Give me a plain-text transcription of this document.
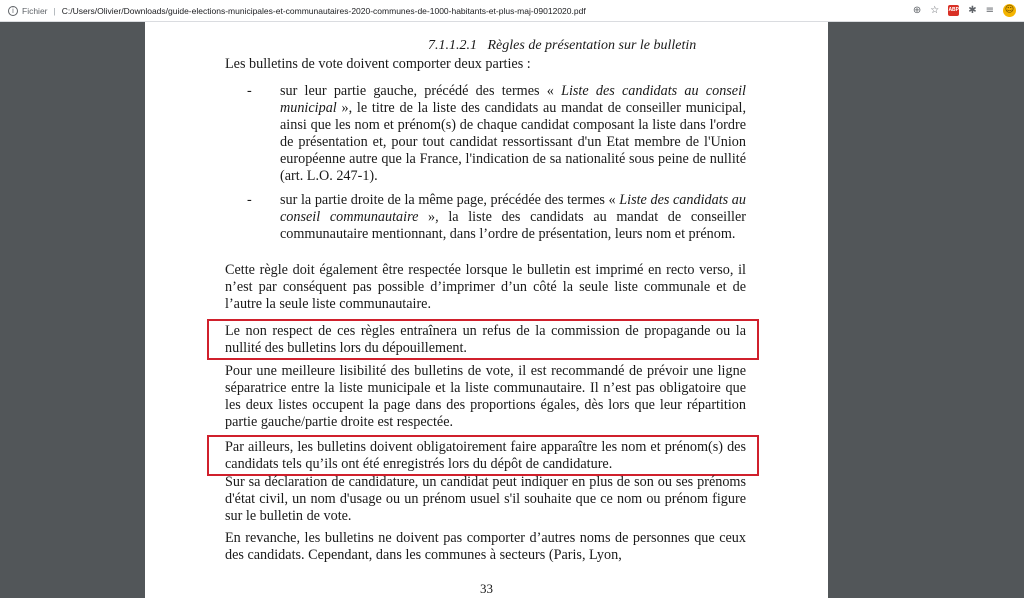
i Fichier | C:/Users/Olivier/Downloads/guide-elections-municipales-et-communautaires-2020-communes-de-1000-habitants-et-plus-maj-09012020.pdf	⊕ ☆ ABP ✱ ≡ ☺
7.1.1.2.1 Règles de présentation sur le bulletin
Les bulletins de vote doivent comporter deux parties :
- sur leur partie gauche, précédé des termes « Liste des candidats au conseil municipal », le titre de la liste des candidats au mandat de conseiller municipal, ainsi que les nom et prénom(s) de chaque candidat composant la liste dans l'ordre de présentation et, pour tout candidat ressortissant d'un Etat membre de l'Union européenne autre que la France, l'indication de sa nationalité sous peine de nullité (art. L.O. 247-1).
- sur la partie droite de la même page, précédée des termes « Liste des candidats au conseil communautaire », la liste des candidats au mandat de conseiller communautaire mentionnant, dans l’ordre de présentation, leurs nom et prénom.
Cette règle doit également être respectée lorsque le bulletin est imprimé en recto verso, il n’est par conséquent pas possible d’imprimer d’un côté la seule liste communale et de l’autre la seule liste communautaire.
Le non respect de ces règles entraînera un refus de la commission de propagande ou la nullité des bulletins lors du dépouillement.
Pour une meilleure lisibilité des bulletins de vote, il est recommandé de prévoir une ligne séparatrice entre la liste municipale et la liste communautaire. Il n’est pas obligatoire que les deux listes occupent la page dans des proportions égales, dès lors que leur répartition partie gauche/partie droite est respectée.
Par ailleurs, les bulletins doivent obligatoirement faire apparaître les nom et prénom(s) des candidats tels qu’ils ont été enregistrés lors du dépôt de candidature.
Sur sa déclaration de candidature, un candidat peut indiquer en plus de son ou ses prénoms d'état civil, un nom d'usage ou un prénom usuel s'il souhaite que ce nom ou prénom figure sur le bulletin de vote.
En revanche, les bulletins ne doivent pas comporter d’autres noms de personnes que ceux des candidats. Cependant, dans les communes à secteurs (Paris, Lyon,
33
